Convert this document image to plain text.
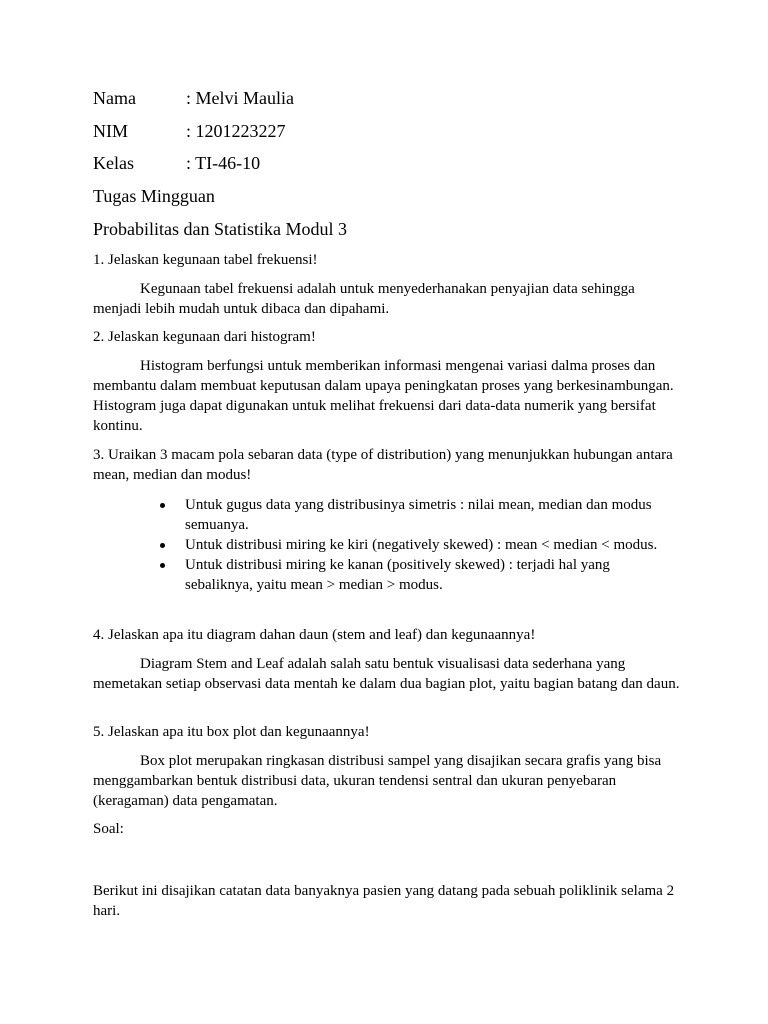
Nama	: Melvi Maulia
NIM	: 1201223227
Kelas	: TI-46-10
Tugas Mingguan
Probabilitas dan Statistika Modul 3
1. Jelaskan kegunaan tabel frekuensi!
Kegunaan tabel frekuensi adalah untuk menyederhanakan penyajian data sehingga menjadi lebih mudah untuk dibaca dan dipahami.
2. Jelaskan kegunaan dari histogram!
Histogram berfungsi untuk memberikan informasi mengenai variasi dalma proses dan membantu dalam membuat keputusan dalam upaya peningkatan proses yang berkesinambungan. Histogram juga dapat digunakan untuk melihat frekuensi dari data-data numerik yang bersifat kontinu.
3. Uraikan 3 macam pola sebaran data (type of distribution) yang menunjukkan hubungan antara mean, median dan modus!
Untuk gugus data yang distribusinya simetris : nilai mean, median dan modus semuanya.
Untuk distribusi miring ke kiri (negatively skewed) : mean < median < modus.
Untuk distribusi miring ke kanan (positively skewed) : terjadi hal yang sebaliknya, yaitu mean > median > modus.
4. Jelaskan apa itu diagram dahan daun (stem and leaf) dan kegunaannya!
Diagram Stem and Leaf adalah salah satu bentuk visualisasi data sederhana yang memetakan setiap observasi data mentah ke dalam dua bagian plot, yaitu bagian batang dan daun.
5. Jelaskan apa itu box plot dan kegunaannya!
Box plot merupakan ringkasan distribusi sampel yang disajikan secara grafis yang bisa menggambarkan bentuk distribusi data, ukuran tendensi sentral dan ukuran penyebaran (keragaman) data pengamatan.
Soal:
Berikut ini disajikan catatan data banyaknya pasien yang datang pada sebuah poliklinik selama 2 hari.
